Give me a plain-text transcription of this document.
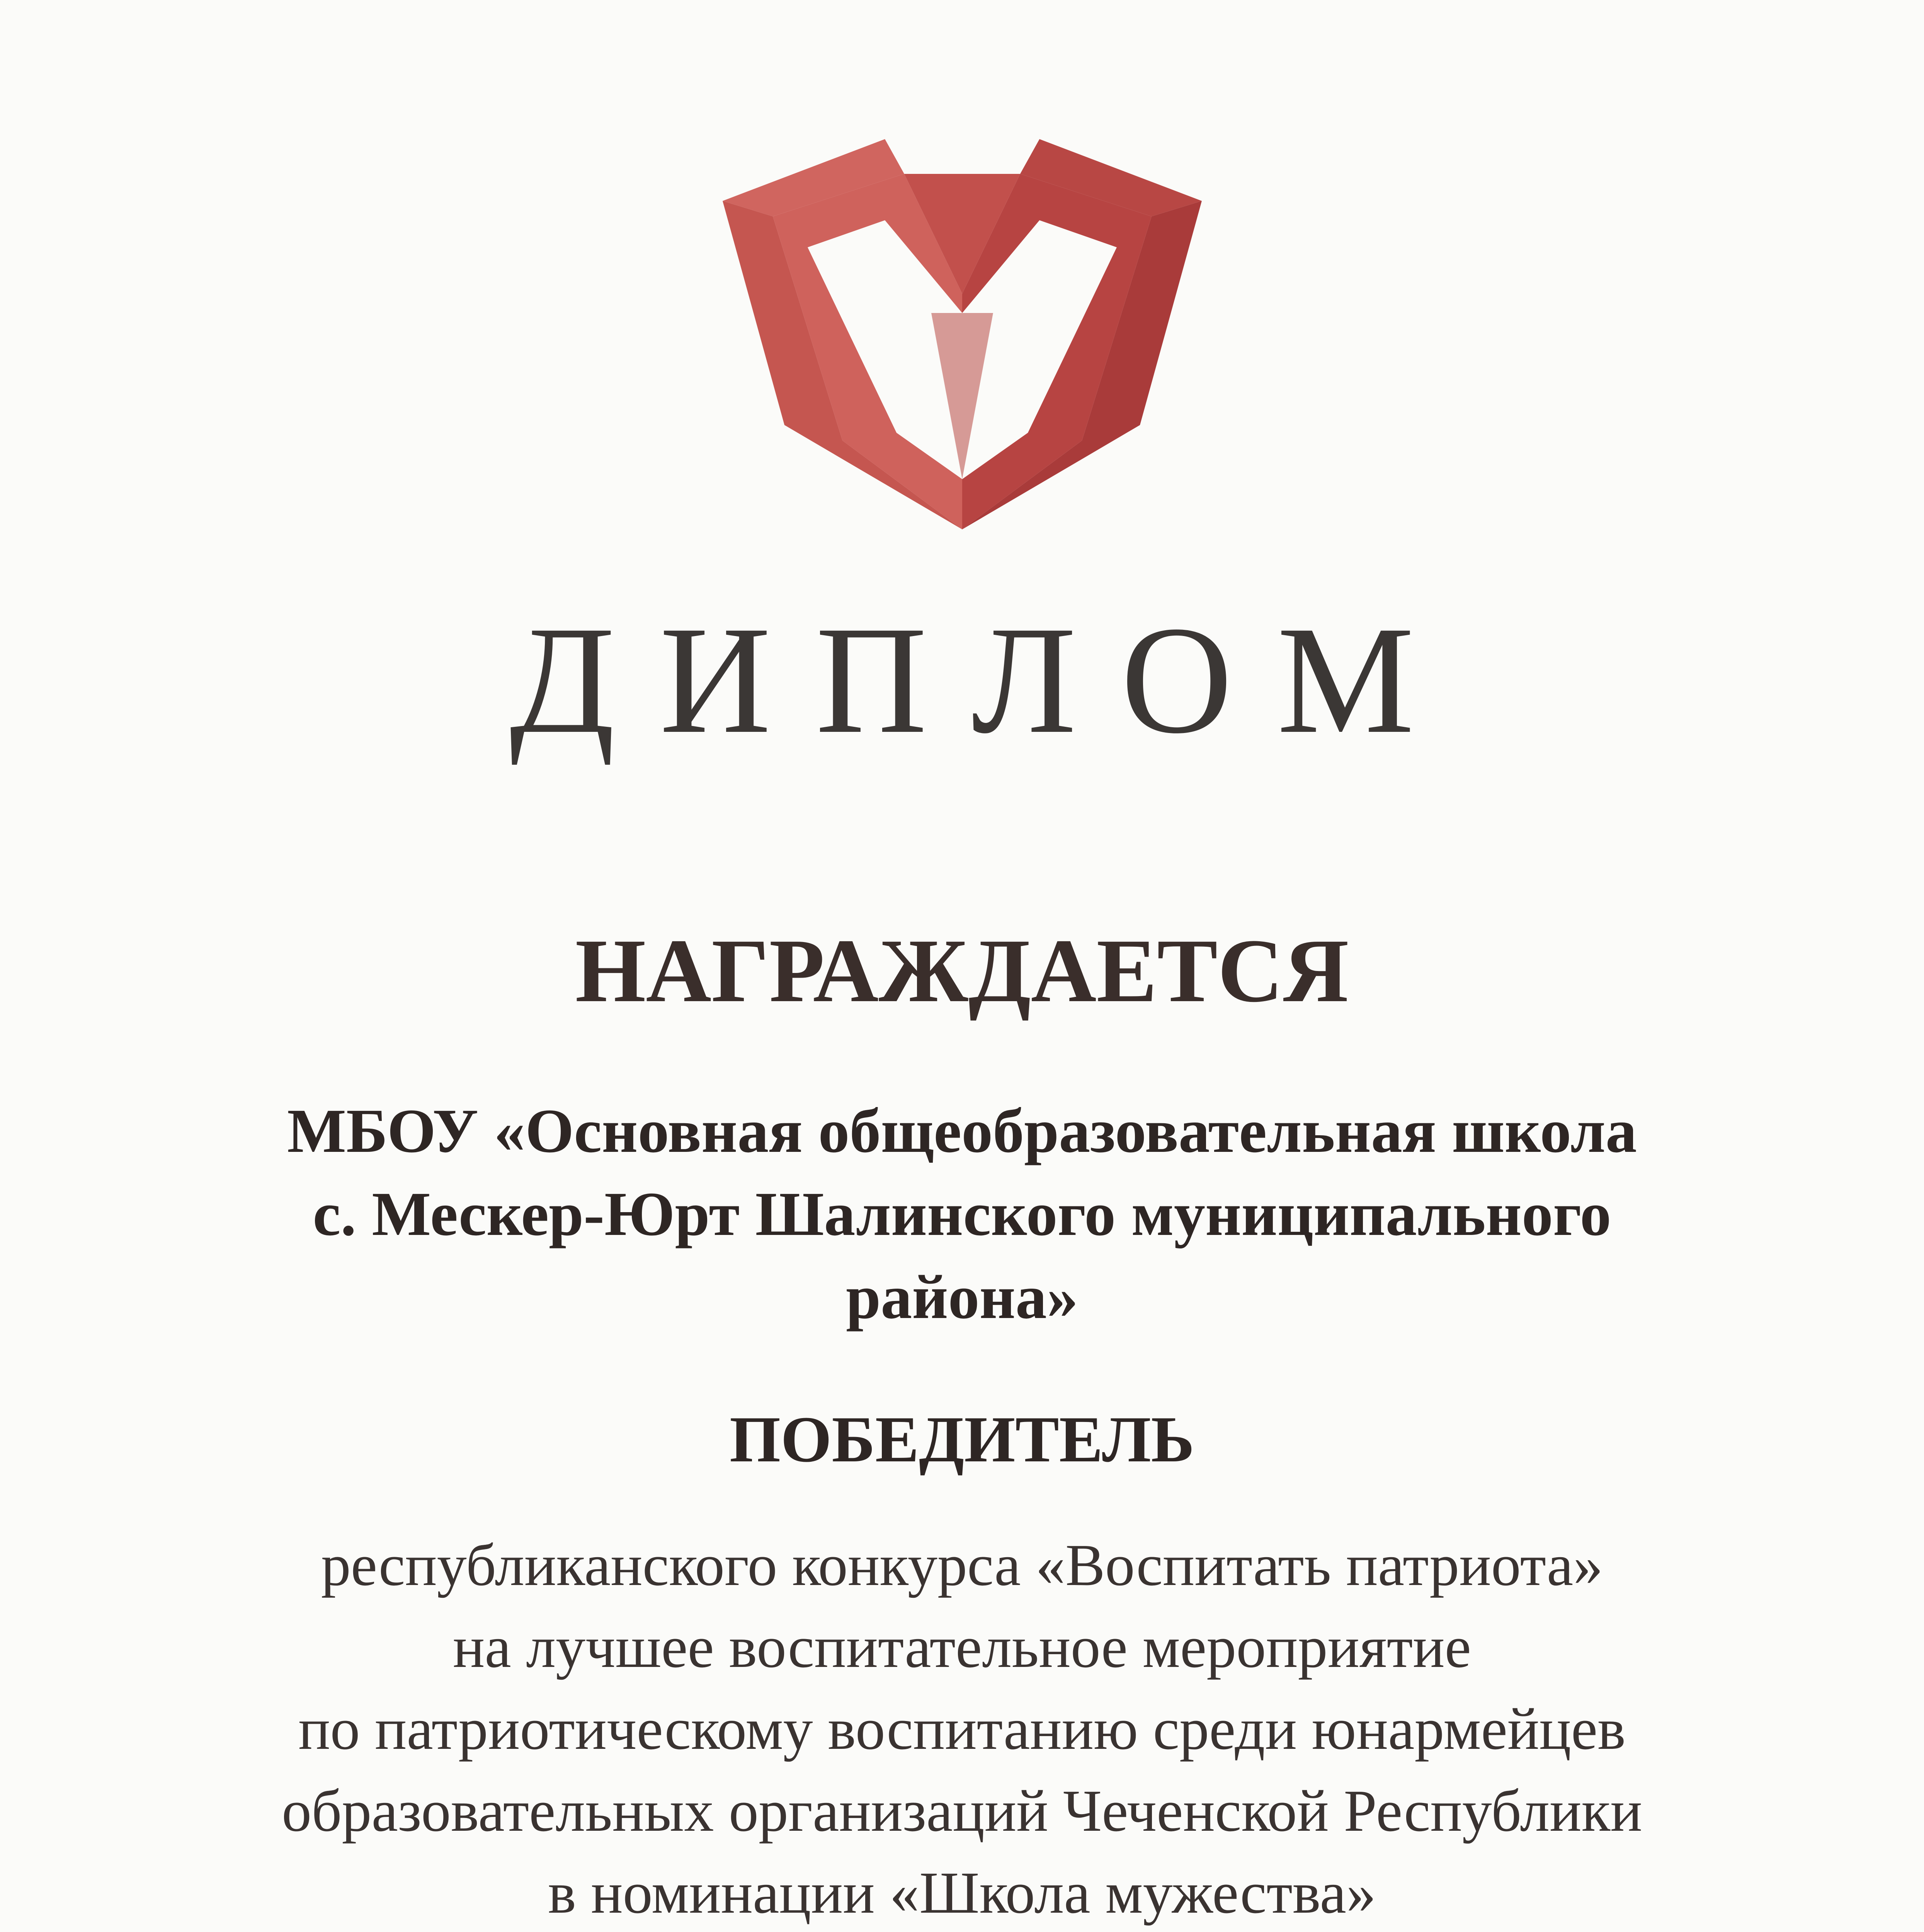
ДИПЛОМ
НАГРАЖДАЕТСЯ
МБОУ «Основная общеобразовательная школа
с. Мескер-Юрт Шалинского муниципального
района»
ПОБЕДИТЕЛЬ
республиканского конкурса «Воспитать патриота»
на лучшее воспитательное мероприятие
по патриотическому воспитанию среди юнармейцев
образовательных организаций Чеченской Республики
в номинации «Школа мужества»
